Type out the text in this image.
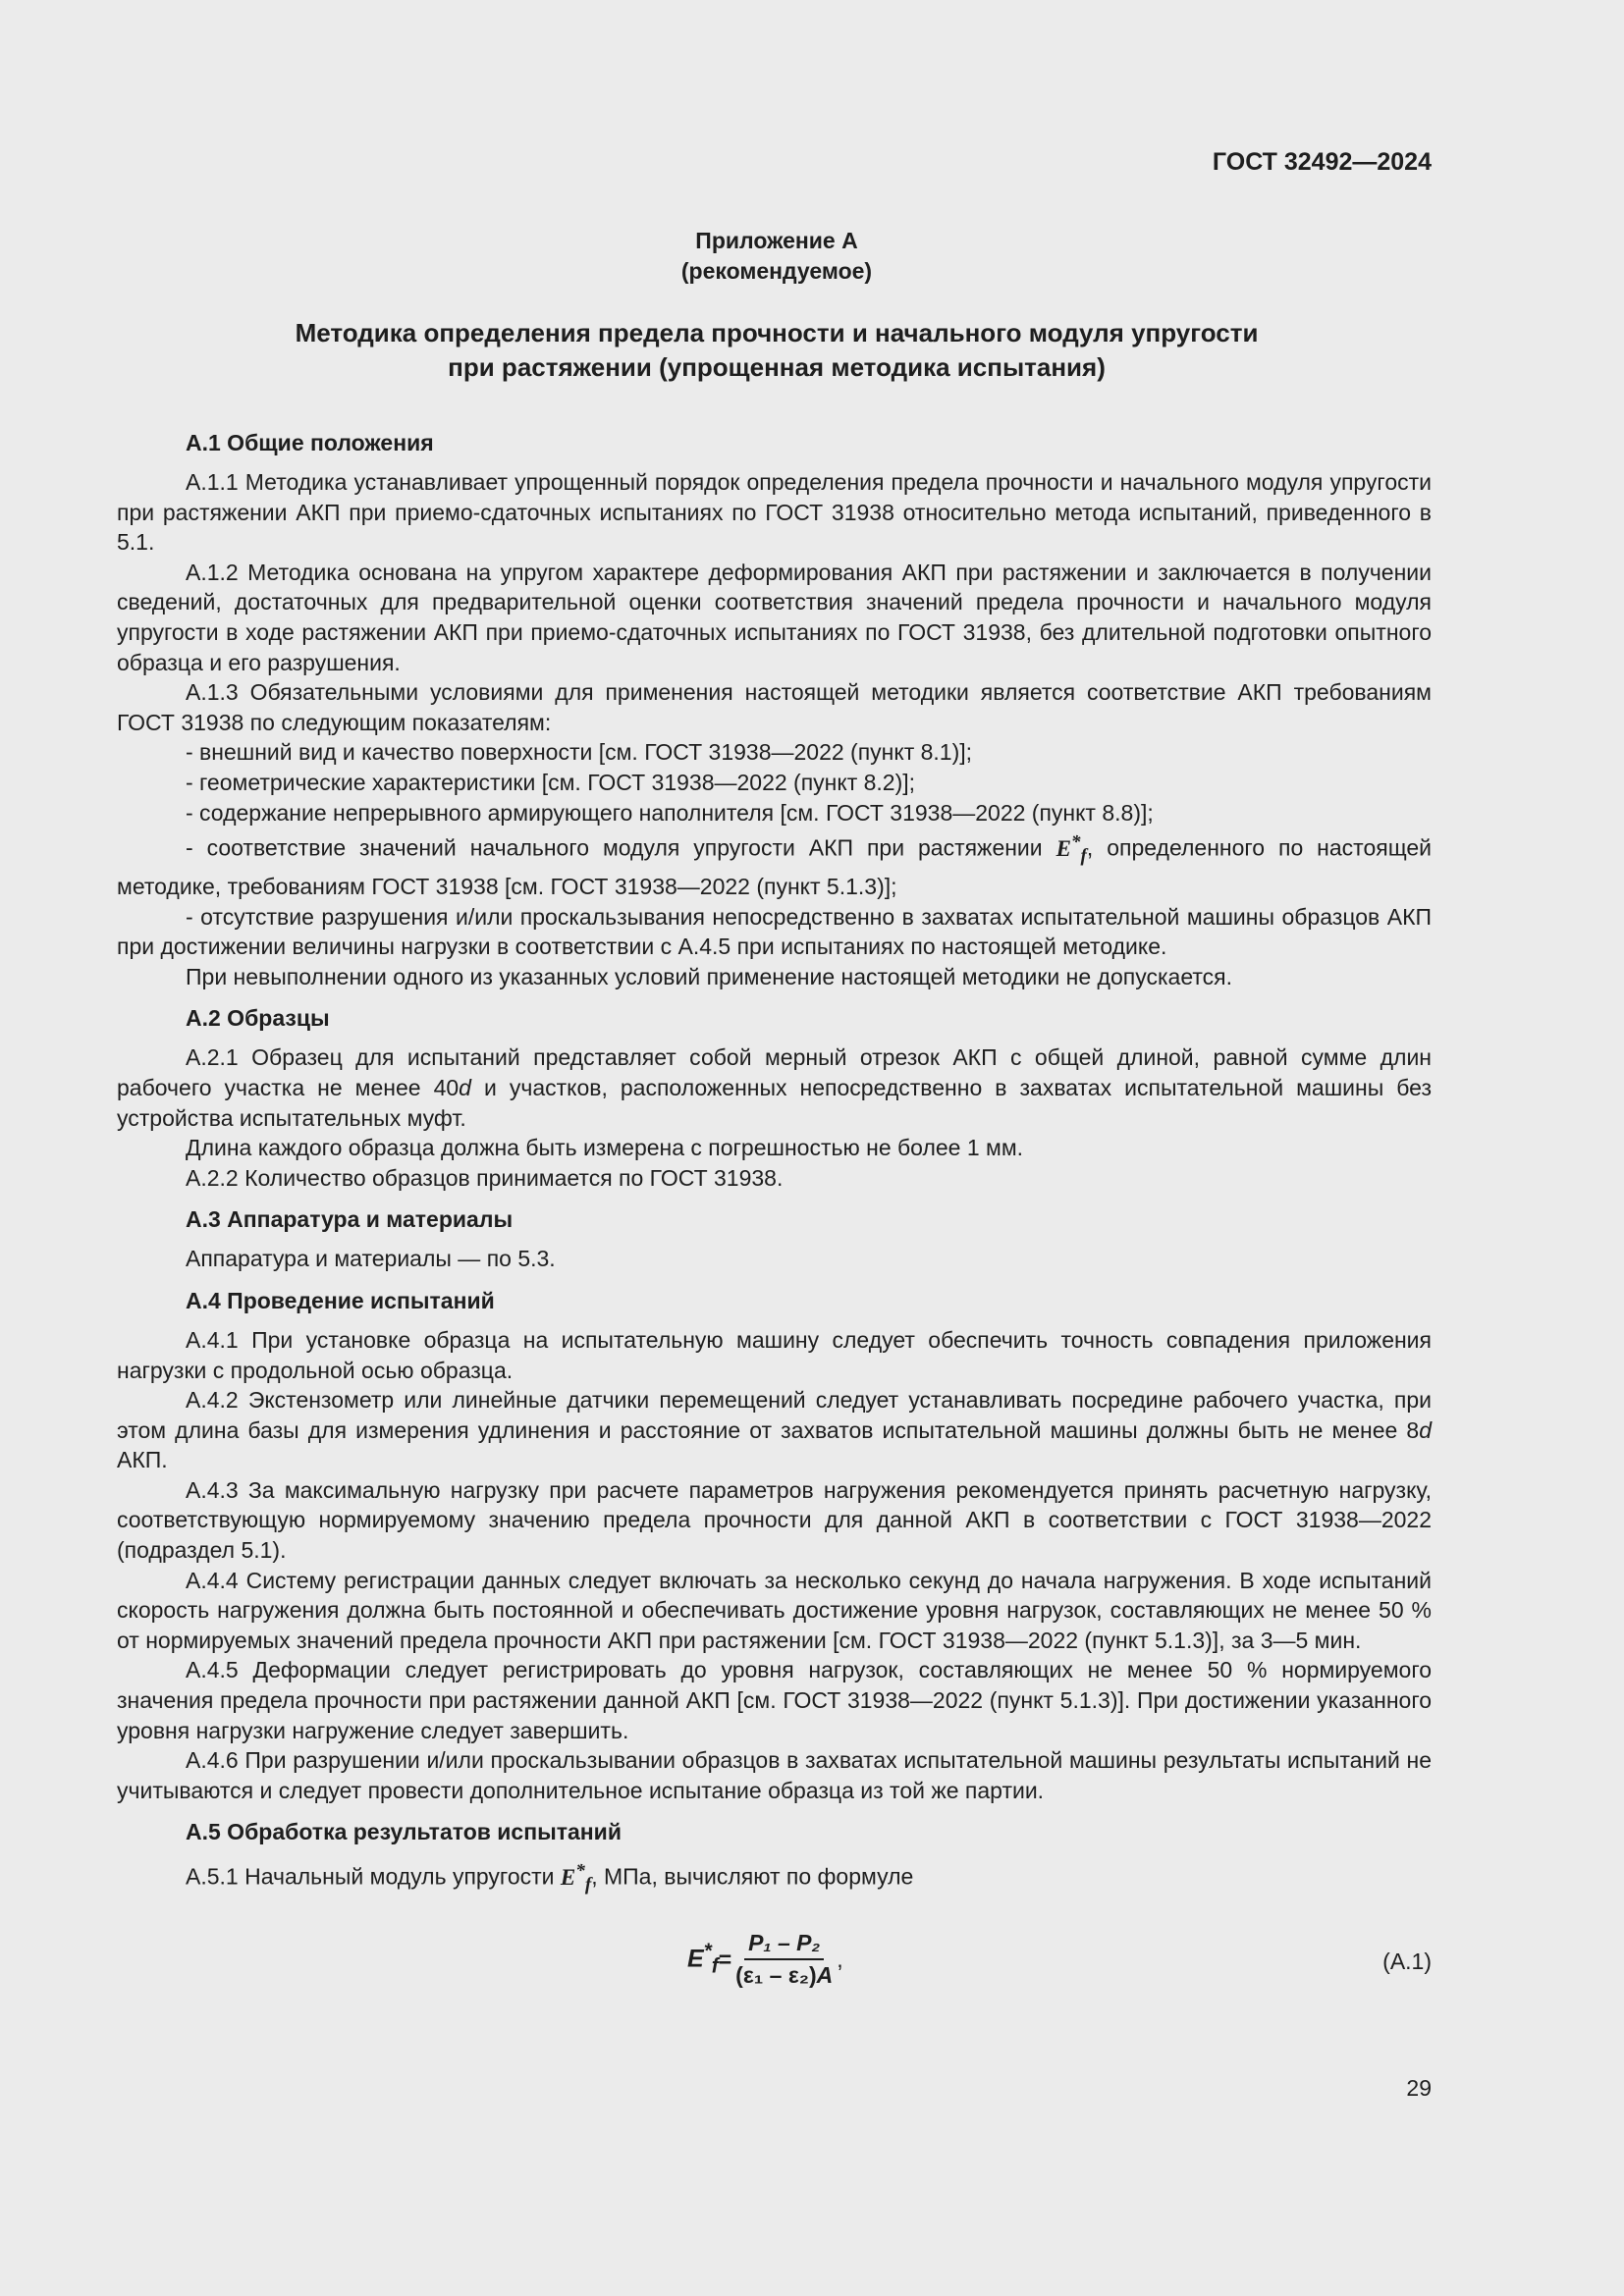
ГОСТ 32492—2024
Приложение А
(рекомендуемое)
Методика определения предела прочности и начального модуля упругости
при растяжении (упрощенная методика испытания)
А.1 Общие положения

А.1.1 Методика устанавливает упрощенный порядок определения предела прочности и начального модуля упругости при растяжении АКП при приемо-сдаточных испытаниях по ГОСТ 31938 относительно метода испытаний, приведенного в 5.1.

А.1.2 Методика основана на упругом характере деформирования АКП при растяжении и заключается в получении сведений, достаточных для предварительной оценки соответствия значений предела прочности и начального модуля упругости в ходе растяжении АКП при приемо-сдаточных испытаниях по ГОСТ 31938, без длительной подготовки опытного образца и его разрушения.

А.1.3 Обязательными условиями для применения настоящей методики является соответствие АКП требованиям ГОСТ 31938 по следующим показателям:

- внешний вид и качество поверхности [см. ГОСТ 31938—2022 (пункт 8.1)];

- геометрические характеристики [см. ГОСТ 31938—2022 (пункт 8.2)];

- содержание непрерывного армирующего наполнителя [см. ГОСТ 31938—2022 (пункт 8.8)];

- соответствие значений начального модуля упругости АКП при растяжении $E^*_f$, определенного по настоящей методике, требованиям ГОСТ 31938 [см. ГОСТ 31938—2022 (пункт 5.1.3)];

- отсутствие разрушения и/или проскальзывания непосредственно в захватах испытательной машины образцов АКП при достижении величины нагрузки в соответствии с А.4.5 при испытаниях по настоящей методике.

При невыполнении одного из указанных условий применение настоящей методики не допускается.

А.2 Образцы

А.2.1 Образец для испытаний представляет собой мерный отрезок АКП с общей длиной, равной сумме длин рабочего участка не менее 40d и участков, расположенных непосредственно в захватах испытательной машины без устройства испытательных муфт.

Длина каждого образца должна быть измерена с погрешностью не более 1 мм.

А.2.2 Количество образцов принимается по ГОСТ 31938.

А.3 Аппаратура и материалы

Аппаратура и материалы — по 5.3.

А.4 Проведение испытаний

А.4.1 При установке образца на испытательную машину следует обеспечить точность совпадения приложения нагрузки с продольной осью образца.

А.4.2 Экстензометр или линейные датчики перемещений следует устанавливать посредине рабочего участка, при этом длина базы для измерения удлинения и расстояние от захватов испытательной машины должны быть не менее 8d АКП.

А.4.3 За максимальную нагрузку при расчете параметров нагружения рекомендуется принять расчетную нагрузку, соответствующую нормируемому значению предела прочности для данной АКП в соответствии с ГОСТ 31938—2022 (подраздел 5.1).

А.4.4 Систему регистрации данных следует включать за несколько секунд до начала нагружения. В ходе испытаний скорость нагружения должна быть постоянной и обеспечивать достижение уровня нагрузок, составляющих не менее 50 % от нормируемых значений предела прочности АКП при растяжении [см. ГОСТ 31938—2022 (пункт 5.1.3)], за 3—5 мин.

А.4.5 Деформации следует регистрировать до уровня нагрузок, составляющих не менее 50 % нормируемого значения предела прочности при растяжении данной АКП [см. ГОСТ 31938—2022 (пункт 5.1.3)]. При достижении указанного уровня нагрузки нагружение следует завершить.

А.4.6 При разрушении и/или проскальзывании образцов в захватах испытательной машины результаты испытаний не учитываются и следует провести дополнительное испытание образца из той же партии.

А.5 Обработка результатов испытаний

А.5.1 Начальный модуль упругости $E^*_f$, МПа, вычисляют по формуле

$E^*_f = \frac{\text{P₁ – P₂}}{\text{(ε₁ – ε₂)A}}$ ,	(А.1)
29
